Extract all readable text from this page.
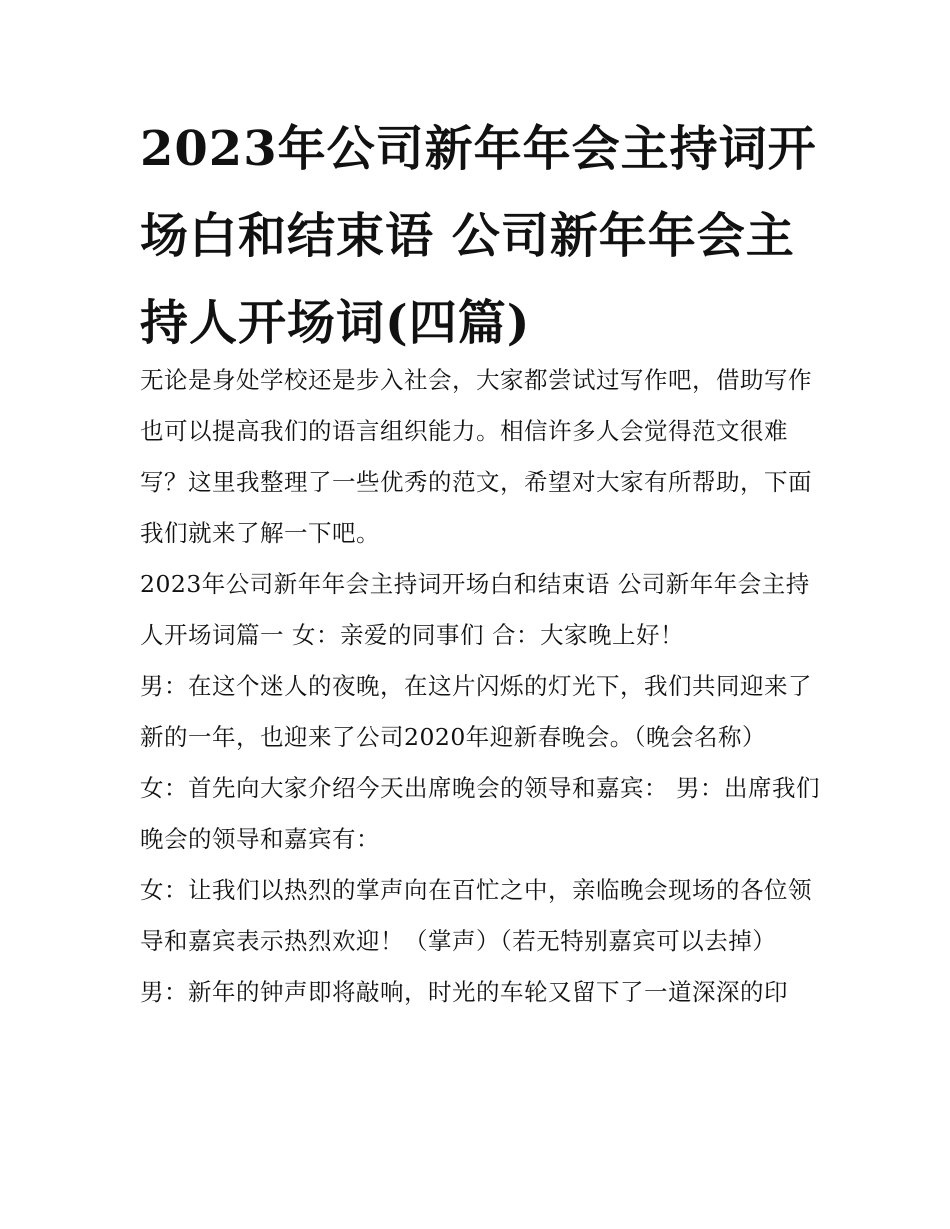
2023年公司新年年会主持词开场白和结束语 公司新年年会主持人开场词(四篇)

无论是身处学校还是步入社会，大家都尝试过写作吧，借助写作也可以提高我们的语言组织能力。相信许多人会觉得范文很难写？这里我整理了一些优秀的范文，希望对大家有所帮助，下面我们就来了解一下吧。

2023年公司新年年会主持词开场白和结束语 公司新年年会主持人开场词篇一 女：亲爱的同事们 合：大家晚上好！

男：在这个迷人的夜晚，在这片闪烁的灯光下，我们共同迎来了新的一年，也迎来了公司2020年迎新春晚会。（晚会名称）

女：首先向大家介绍今天出席晚会的领导和嘉宾： 男：出席我们晚会的领导和嘉宾有：

女：让我们以热烈的掌声向在百忙之中，亲临晚会现场的各位领导和嘉宾表示热烈欢迎！（掌声）（若无特别嘉宾可以去掉）

男：新年的钟声即将敲响，时光的车轮又留下了一道深深的印
